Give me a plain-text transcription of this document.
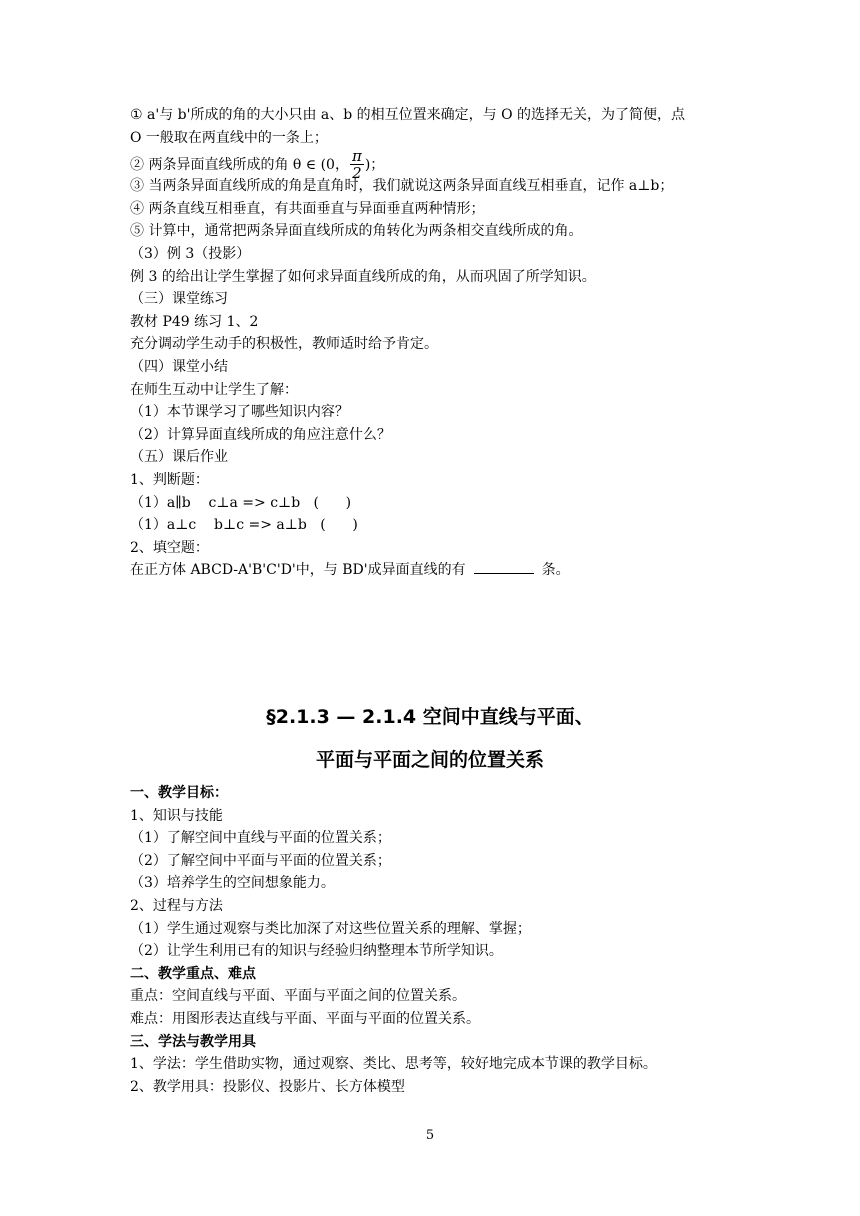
① a'与 b'所成的角的大小只由 a、b 的相互位置来确定，与 O 的选择无关，为了简便，点
O 一般取在两直线中的一条上；
② 两条异面直线所成的角 θ ∈ (0， $\frac{\pi}{2}$ )；
③ 当两条异面直线所成的角是直角时，我们就说这两条异面直线互相垂直，记作 a⊥b；
④ 两条直线互相垂直，有共面垂直与异面垂直两种情形；
⑤ 计算中，通常把两条异面直线所成的角转化为两条相交直线所成的角。
（3）例 3（投影）
例 3 的给出让学生掌握了如何求异面直线所成的角，从而巩固了所学知识。
（三）课堂练习
教材 P49 练习 1、2
充分调动学生动手的积极性，教师适时给予肯定。
（四）课堂小结
在师生互动中让学生了解：
（1）本节课学习了哪些知识内容？
（2）计算异面直线所成的角应注意什么？
（五）课后作业
1、判断题：
（1）a∥b    c⊥a => c⊥b   (      )
（1）a⊥c    b⊥c => a⊥b   (      )
2、填空题：
在正方体 ABCD-A'B'C'D'中，与 BD'成异面直线的有	条。
§2.1.3 — 2.1.4 空间中直线与平面、
平面与平面之间的位置关系
一、教学目标：
1、知识与技能
（1）了解空间中直线与平面的位置关系；
（2）了解空间中平面与平面的位置关系；
（3）培养学生的空间想象能力。
2、过程与方法
（1）学生通过观察与类比加深了对这些位置关系的理解、掌握；
（2）让学生利用已有的知识与经验归纳整理本节所学知识。
二、教学重点、难点
重点：空间直线与平面、平面与平面之间的位置关系。
难点：用图形表达直线与平面、平面与平面的位置关系。
三、学法与教学用具
1、学法：学生借助实物，通过观察、类比、思考等，较好地完成本节课的教学目标。
2、教学用具：投影仪、投影片、长方体模型
5
